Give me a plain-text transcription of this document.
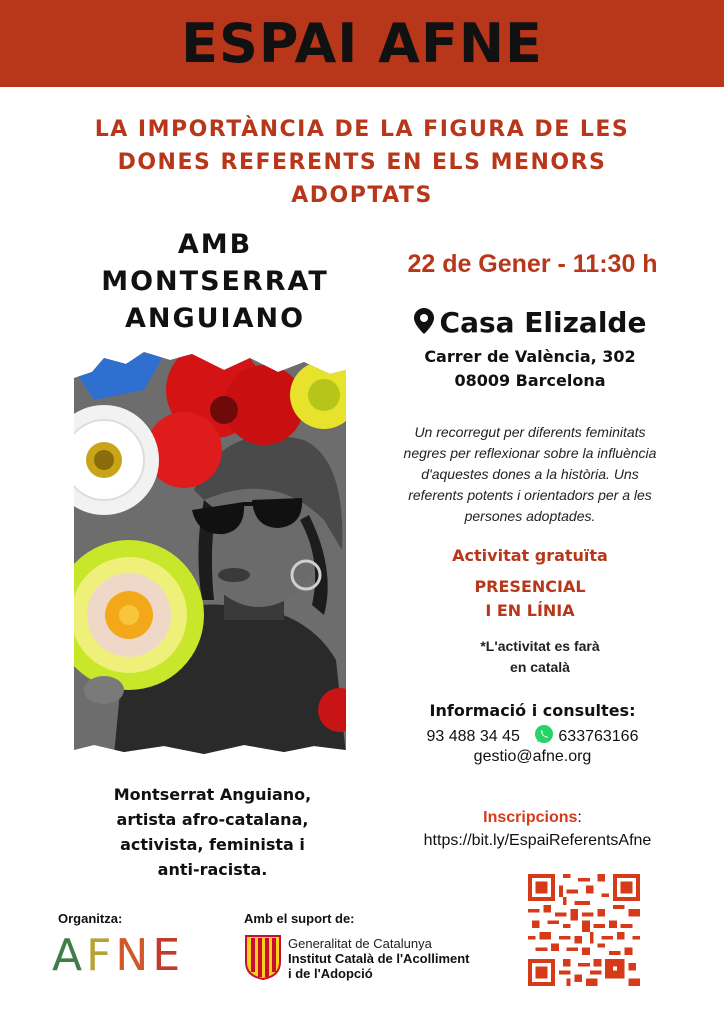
ESPAI AFNE
LA IMPORTÀNCIA DE LA FIGURA DE LES
DONES REFERENTS EN ELS MENORS
ADOPTATS
AMB
MONTSERRAT
ANGUIANO
22 de Gener - 11:30 h
Casa Elizalde
Carrer de València, 302
08009 Barcelona
Un recorregut per diferents feminitats
negres per reflexionar sobre la influència
d'aquestes dones a la història. Uns
referents potents i orientadors per a les
persones adoptades.
Activitat gratuïta
PRESENCIAL
I EN LÍNIA
*L'activitat es farà
en català
Informació i consultes:
93 488 34 45 633763166
gestio@afne.org
Inscripcions:
https://bit.ly/EspaiReferentsAfne
Montserrat Anguiano,
artista afro-catalana,
activista, feminista i
anti-racista.
Organitza:
AFNE
Amb el suport de:
Generalitat de Catalunya
Institut Català de l'Acolliment
i de l'Adopció
